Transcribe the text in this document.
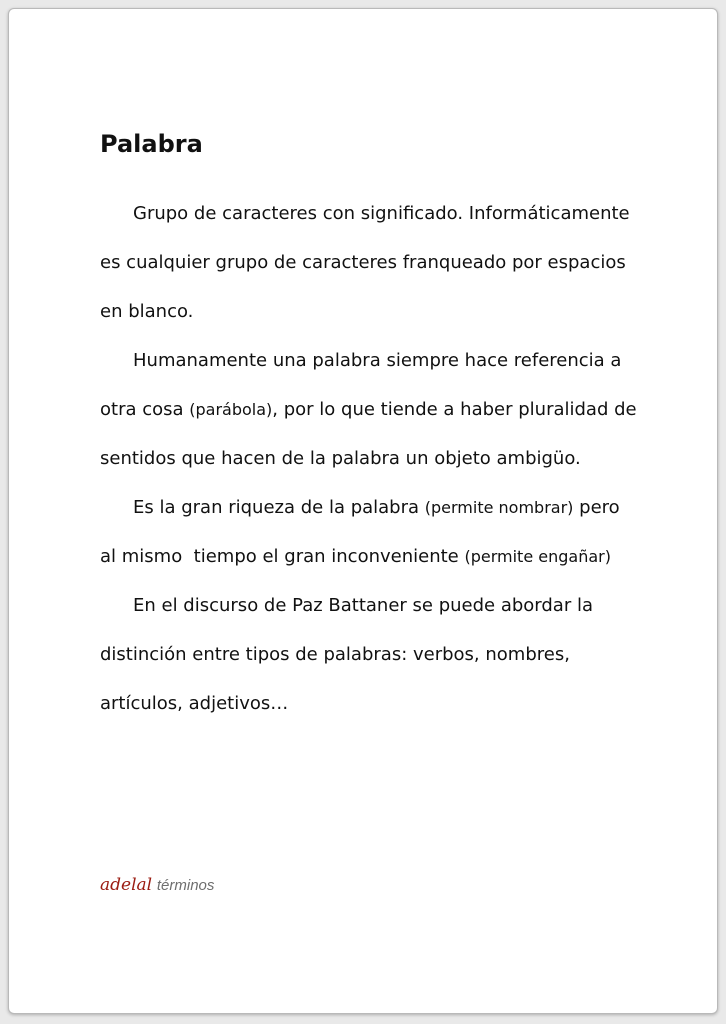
Palabra

Grupo de caracteres con significado. Informáticamente es cualquier grupo de caracteres franqueado por espacios en blanco.

Humanamente una palabra siempre hace referencia a otra cosa (parábola), por lo que tiende a haber pluralidad de sentidos que hacen de la palabra un objeto ambigüo.

Es la gran riqueza de la palabra (permite nombrar) pero al mismo  tiempo el gran inconveniente (permite engañar)

En el discurso de Paz Battaner se puede abordar la distinción entre tipos de palabras: verbos, nombres, artículos, adjetivos…

adelal términos
